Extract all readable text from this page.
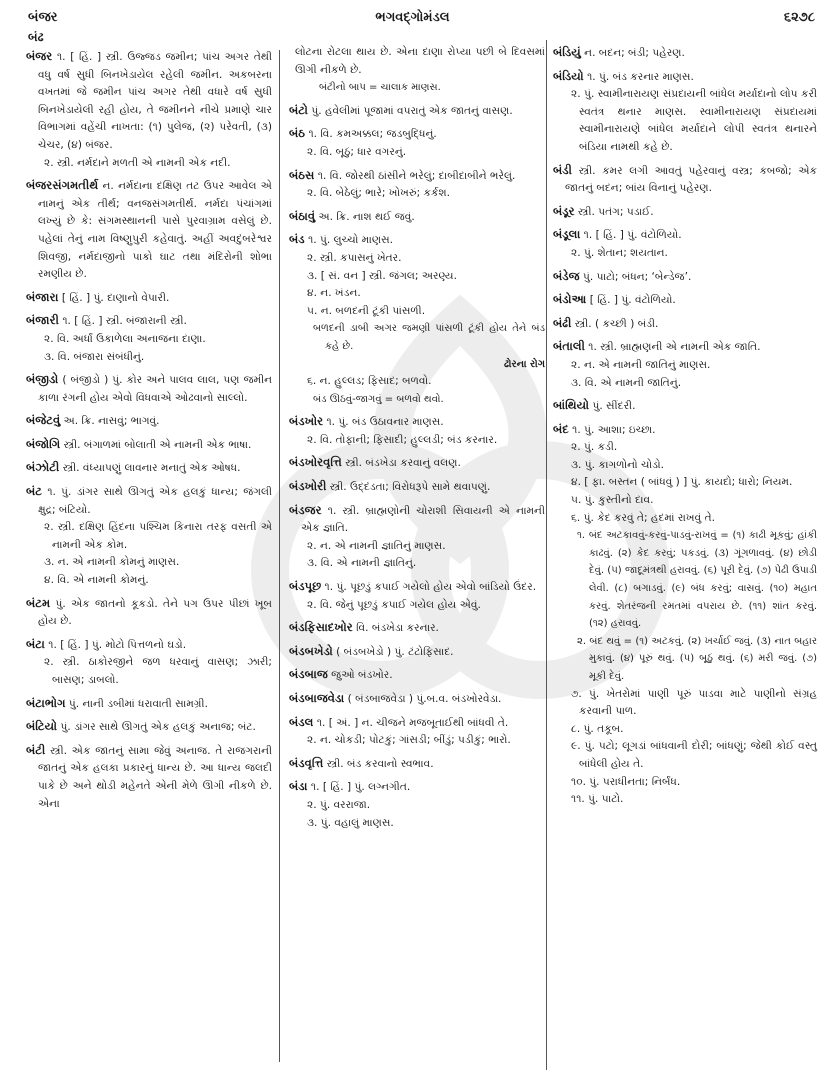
બંજર	ભગવદ્‌ગોમંડલ	૬૨૭૮
બંઢ
બંજર ૧. [ હિં. ] સ્ત્રી. ઉજ્જડ જમીન; પાંચ અગર તેથી વધુ વર્ષ સુધી બિનખેડાયેલ રહેલી જમીન. અકબરના વખતમાં જે જમીન પાંચ અગર તેથી વધારે વર્ષ સુધી બિનખેડાયેલી રહી હોય, તે જમીનને નીચે પ્રમાણે ચાર વિભાગમાં વહેંચી નાખતા: (૧) પુલેજ, (૨) પરેવતી, (૩) ચેચર, (૪) બંજર.

૨. સ્ત્રી. નર્મદાને મળતી એ નામની એક નદી.

બંજરસંગમતીર્થ ન. નર્મદાના દક્ષિણ તટ ઉપર આવેલ એ નામનું એક તીર્થ; વનજસંગમતીર્થ. નર્મદા પંચાંગમાં લખ્યું છે કે: સંગમસ્થાનની પાસે પુરવાગ્રામ વસેલું છે. પહેલાં તેનું નામ વિષ્ણુપુરી કહેવાતું. અહીં અવદુંબરેશ્વર શિવજી, નર્મદાજીનો પાકો ઘાટ તથા મંદિરોની શોભા રમણીય છે.
બંજારા [ હિં. ] પું. દાણાનો વેપારી.
બંજારી ૧. [ હિં. ] સ્ત્રી. બંજારાની સ્ત્રી.

૨. વિ. અર્ધાં ઉકાળેલા અનાજના દાણા.

૩. વિ. બંજારા સંબંધીનું.

બંજીડો ( બંજીડો ) પું. કોર અને પાલવ લાલ, પણ જમીન કાળા રંગની હોય એવો વિધવાએ ઓઢવાનો સાલ્લો.
બંજેટવું અ. ક્રિ. નાસવું; ભાગવું.
બંજોગિ સ્ત્રી. બંગાળમાં બોલાતી એ નામની એક ભાષા.
બંઝોટી સ્ત્રી. વંધ્યાપણું લાવનાર મનાતું એક ઓષધ.
બંટ ૧. પું. ડાંગર સાથે ઊગતું એક હલકું ધાન્ય; જંગલી ક્ષુદ્ર; બંટિયો.

૨. સ્ત્રી. દક્ષિણ હિંદના પશ્ચિમ કિનારા તરફ વસતી એ નામની એક કોમ.

૩. ન. એ નામની કોમનું માણસ.

૪. વિ. એ નામની કોમનું.

બંટમ પું. એક જાતનો કૂકડો. તેને પગ ઉપર પીછાં ખૂબ હોય છે.
બંટા ૧. [ હિં. ] પું. મોટો પિત્તળનો ઘડો.

૨. સ્ત્રી. ઠાકોરજીને જળ ધરવાનું વાસણ; ઝારી; બાસણ; ડાબલો.

બંટાભોગ પું. નાની ડબીમાં ધરાવાતી સામગ્રી.
બંટિયો પું. ડાંગર સાથે ઊગતું એક હલકું અનાજ; બંટ.
બંટી સ્ત્રી. એક જાતનું સામા જેવું અનાજ. તે રાજગરાની જાતનું એક હલકા પ્રકારનું ધાન્ય છે. આ ધાન્ય જલદી પાકે છે અને થોડી મહેનતે એની મેળે ઊગી નીકળે છે. એના
લોટના રોટલા થાય છે. એના દાણા રોપ્યા પછી બે દિવસમાં ઊગી નીકળે છે.

બંટીનો બાપ = ચાલાક માણસ.

બંટો પું. હવેલીમાં પૂજામાં વપરાતું એક જાતનું વાસણ.
બંઠ ૧. વિ. કમઅક્કલ; જડબુદ્ધિનું.

૨. વિ. બૂઠું; ધાર વગરનું.

બંઠસ ૧. વિ. જોરથી ઠાંસીને ભરેલું; દાબીદાબીને ભરેલું.

૨. વિ. બેઠેલું; ભારે; ખોખરું; કર્કશ.

બંઠાવું અ. ક્રિ. નાશ થઈ જવું.
બંડ ૧. પું. લુચ્ચો માણસ.

૨. સ્ત્રી. કપાસનું ખેતર.

૩. [ સં. વન ] સ્ત્રી. જંગલ; અરણ્ય.

૪. ન. ખંડન.

૫. ન. બળદની ટૂંકી પાંસળી.

બળદની ડાબી અગર જમણી પાંસળી ટૂંકી હોય તેને બંડ કહે છે.

ઢોરના રોગ

૬. ન. હુલ્લડ; ફિસાદ; બળવો.

બંડ ઊઠવું-જાગવું = બળવો થવો.

બંડખોર ૧. પું. બંડ ઉઠાવનાર માણસ.

૨. વિ. તોફાની; ફિસાદી; હુલ્લડી; બંડ કરનાર.

બંડખોરવૃત્તિ સ્ત્રી. બંડખેડા કરવાનું વલણ.
બંડખોરી સ્ત્રી. ઉદ્દંડતા; વિરોધરૂપે સામે થવાપણું.
બંડજર ૧. સ્ત્રી. બ્રાહ્મણોની ચોરાશી સિવાયની એ નામની એક જ્ઞાતિ.

૨. ન. એ નામની જ્ઞાતિનું માણસ.

૩. વિ. એ નામની જ્ઞાતિનું.

બંડપૂછ ૧. પું. પૂછડું કપાઈ ગયેલો હોય એવો બાંડિયો ઉંદર.

૨. વિ. જેનું પૂછડું કપાઈ ગયેલ હોય એવું.

બંડફિસાદખોર વિ. બંડખેડા કરનાર.
બંડબખેડો ( બંડબખેડો ) પું. ટંટોફિસાદ.
બંડબાજ જુઓ બંડખોર.
બંડબાજવેડા ( બંડબાજવેડા ) પું.બ.વ. બંડખોરવેડા.
બંડલ ૧. [ અં. ] ન. ચીજને મજબૂતાઈથી બાંધવી તે.

૨. ન. ચોકડી; પોટકું; ગાંસડી; બીંડું; પડીકું; ભારો.

બંડવૃત્તિ સ્ત્રી. બંડ કરવાનો સ્વભાવ.
બંડા ૧. [ હિં. ] પું. લગ્નગીત.

૨. પું. વરરાજા.

૩. પું. વહાલું માણસ.

બંડિયું ન. બદન; બંડી; પહેરણ.
બંડિયો ૧. પું. બંડ કરનાર માણસ.

૨. પું. સ્વામીનારાયણ સંપ્રદાયની બાંધેલ મર્યાદાનો લોપ કરી સ્વતંત્ર થનાર માણસ. સ્વામીનારાયણ સંપ્રદાયમાં સ્વામીનારાયણે બાંધેલ મર્યાદાને લોપી સ્વતંત્ર થનારને બંડિયા નામથી કહે છે.

બંડી સ્ત્રી. કમર લગી આવતું પહેરવાનું વસ્ત્ર; કબજો; એક જાતનું બદન; બાંય વિનાનું પહેરણ.
બંડૂર સ્ત્રી. પતંગ; પડાઈ.
બંડૂલા ૧. [ હિં. ] પું. વંટોળિયો.

૨. પું. શેતાન; શયતાન.

બંડેજ પું. પાટો; બંધન; ‘બેન્ડેજ’.
બંડોઆ [ હિં. ] પું. વંટોળિયો.
બંઢી સ્ત્રી. ( કચ્છી ) બંડી.
બંતાલી ૧. સ્ત્રી. બ્રાહ્મણની એ નામની એક જાતિ.

૨. ન. એ નામની જાતિનું માણસ.

૩. વિ. એ નામની જાતિનું.

બાંથિયો પું. સીંદરી.
બંદ ૧. પું. આશા; ઇચ્છા.

૨. પું. કડી.

૩. પું. કાગળોનો ચોડો.

૪. [ ફા. બસ્તન ( બાંધવું ) ] પું. કાયદો; ધારો; નિયમ.

૫. પું. કુસ્તીનો દાવ.

૬. પું. કેદ કરવું તે; હદમાં રાખવું તે.

૧. બંદ અટકાવવું-કરવું-પાડવું-રાખવું = (૧) કાઢી મૂકવું; હાંકી કાઢવું. (૨) કેદ કરવું; પકડવું. (૩) ગૂંગળાવવું. (૪) છોડી દેવું. (૫) જાદૂમંત્રથી હરાવવું. (૬) પૂરી દેવું. (૭) પેઢી ઉપાડી લેવી. (૮) બગાડવું. (૯) બંધ કરવું; વાસવું. (૧૦) મહાત કરવું. શેતરંજની રમતમાં વપરાય છે. (૧૧) શાંત કરવું. (૧૨) હરાવવું.

૨. બંદ થવું = (૧) અટકવું. (૨) ખર્ચાઈ જવું. (૩) નાત બહાર મુકાવું. (૪) પૂરું થવું. (૫) બૂઠું થવું. (૬) મરી જવું. (૭) મૂકી દેવું.

૭. પું. ખેતરોમાં પાણી પૂરું પાડવા માટે પાણીનો સંગ્રહ કરવાની પાળ.

૮. પું. તકૂબ.

૯. પું. પટો; લૂગડાં બાંધવાની દોરી; બાંધણું; જેથી કોઈ વસ્તુ બાંધેલી હોય તે.

૧૦. પું. પરાધીનતા; નિર્બંધ.

૧૧. પું. પાટો.
